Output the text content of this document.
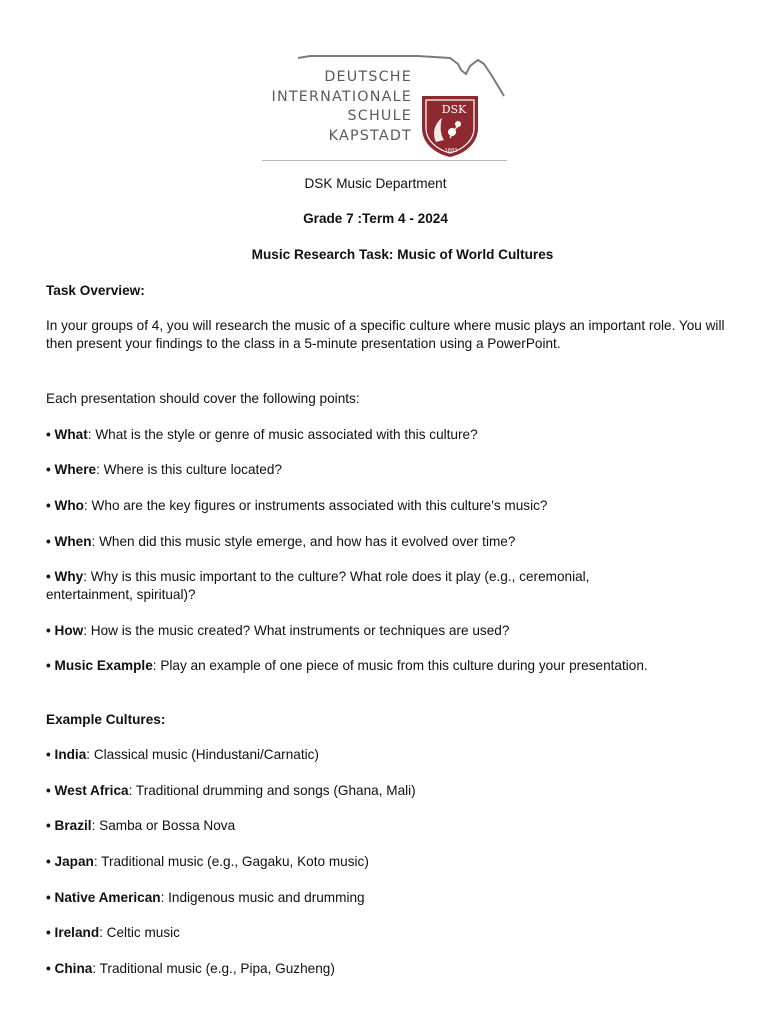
DEUTSCHE
INTERNATIONALE
SCHULE
KAPSTADT
DSK
1883
DSK Music Department
Grade 7 :Term 4 - 2024
Music Research Task: Music of World Cultures
Task Overview:
In your groups of 4, you will research the music of a specific culture where music plays an important role. You will then present your findings to the class in a 5-minute presentation using a PowerPoint.
Each presentation should cover the following points:
• What: What is the style or genre of music associated with this culture?
• Where: Where is this culture located?
• Who: Who are the key figures or instruments associated with this culture's music?
• When: When did this music style emerge, and how has it evolved over time?
• Why: Why is this music important to the culture? What role does it play (e.g., ceremonial, entertainment, spiritual)?
• How: How is the music created? What instruments or techniques are used?
• Music Example: Play an example of one piece of music from this culture during your presentation.
Example Cultures:
• India: Classical music (Hindustani/Carnatic)
• West Africa: Traditional drumming and songs (Ghana, Mali)
• Brazil: Samba or Bossa Nova
• Japan: Traditional music (e.g., Gagaku, Koto music)
• Native American: Indigenous music and drumming
• Ireland: Celtic music
• China: Traditional music (e.g., Pipa, Guzheng)
